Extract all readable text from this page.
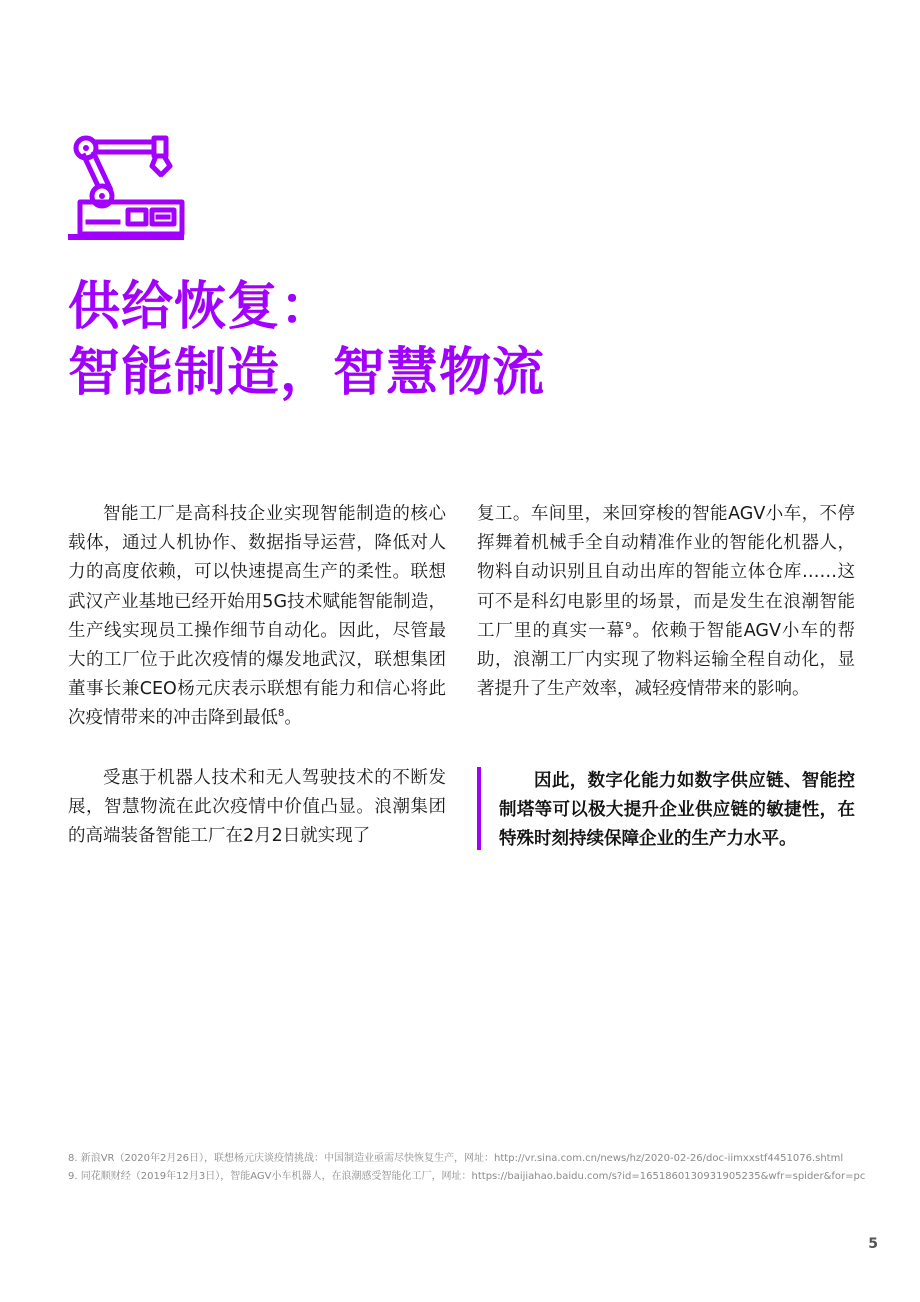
供给恢复：
智能制造，智慧物流

智能工厂是高科技企业实现智能制造的核心载体，通过人机协作、数据指导运营，降低对人力的高度依赖，可以快速提高生产的柔性。联想武汉产业基地已经开始用5G技术赋能智能制造，生产线实现员工操作细节自动化。因此，尽管最大的工厂位于此次疫情的爆发地武汉，联想集团董事长兼CEO杨元庆表示联想有能力和信心将此次疫情带来的冲击降到最低$^8$。

受惠于机器人技术和无人驾驶技术的不断发展，智慧物流在此次疫情中价值凸显。浪潮集团的高端装备智能工厂在2月2日就实现了

复工。车间里，来回穿梭的智能AGV小车，不停挥舞着机械手全自动精准作业的智能化机器人，物料自动识别且自动出库的智能立体仓库……这可不是科幻电影里的场景，而是发生在浪潮智能工厂里的真实一幕$^9$。依赖于智能AGV小车的帮助，浪潮工厂内实现了物料运输全程自动化，显著提升了生产效率，减轻疫情带来的影响。

因此，数字化能力如数字供应链、智能控制塔等可以极大提升企业供应链的敏捷性，在特殊时刻持续保障企业的生产力水平。

8. 新浪VR（2020年2月26日），联想杨元庆谈疫情挑战：中国制造业亟需尽快恢复生产，网址：http://vr.sina.com.cn/news/hz/2020-02-26/doc-iimxxstf4451076.shtml
9. 同花顺财经（2019年12月3日），智能AGV小车机器人，在浪潮感受智能化工厂，网址：https://baijiahao.baidu.com/s?id=1651860130931905235&wfr=spider&for=pc
5
